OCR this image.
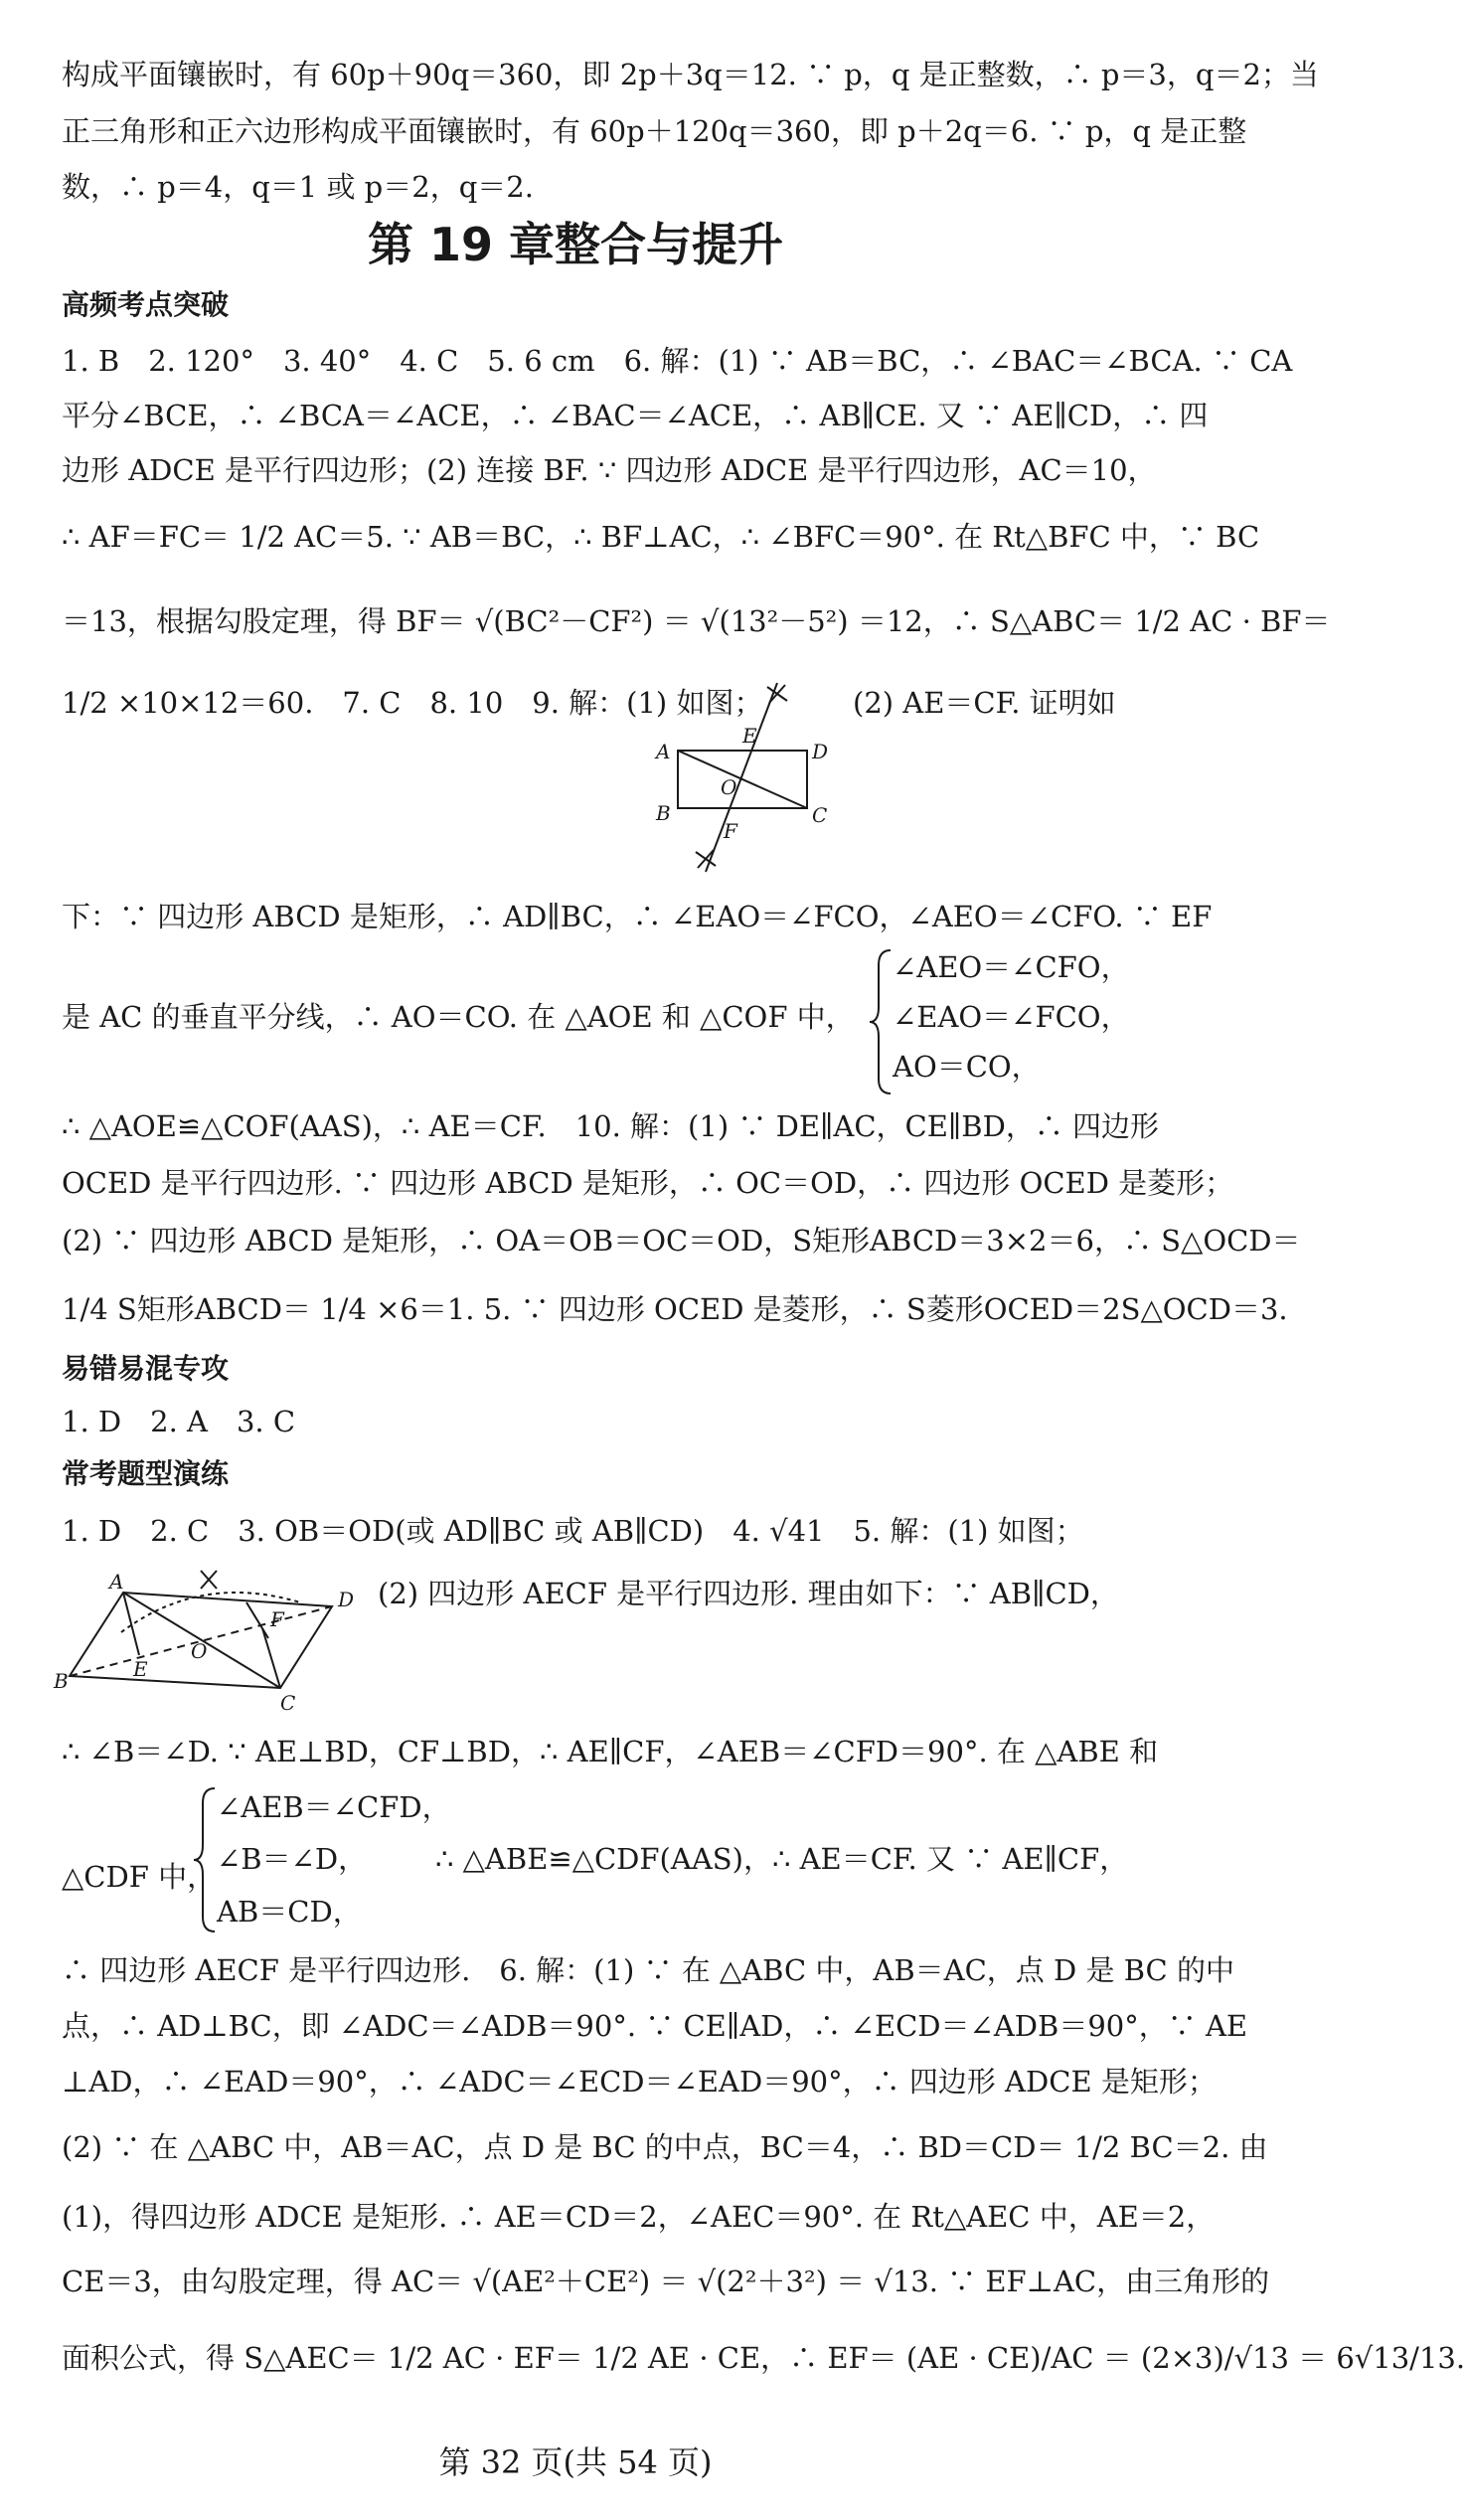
构成平面镶嵌时，有 60p＋90q＝360，即 2p＋3q＝12. ∵ p，q 是正整数，∴ p＝3，q＝2；当
正三角形和正六边形构成平面镶嵌时，有 60p＋120q＝360，即 p＋2q＝6. ∵ p，q 是正整
数，∴ p＝4，q＝1 或 p＝2，q＝2.
第 19 章整合与提升
高频考点突破
1. B　2. 120°　3. 40°　4. C　5. 6 cm　6. 解：(1) ∵ AB＝BC，∴ ∠BAC＝∠BCA. ∵ CA
平分∠BCE，∴ ∠BCA＝∠ACE，∴ ∠BAC＝∠ACE，∴ AB∥CE. 又 ∵ AE∥CD，∴ 四
边形 ADCE 是平行四边形；(2) 连接 BF. ∵ 四边形 ADCE 是平行四边形，AC＝10，
∴ AF＝FC＝ 1/2 AC＝5. ∵ AB＝BC，∴ BF⊥AC，∴ ∠BFC＝90°. 在 Rt△BFC 中，∵ BC
＝13，根据勾股定理，得 BF＝ √(BC²－CF²) ＝ √(13²－5²) ＝12，∴ S△ABC＝ 1/2 AC · BF＝
1/2 ×10×12＝60.　7. C　8. 10　9. 解：(1) 如图；	(2) AE＝CF. 证明如
A	D
B	C
E
O
F
下：∵ 四边形 ABCD 是矩形，∴ AD∥BC，∴ ∠EAO＝∠FCO，∠AEO＝∠CFO. ∵ EF
是 AC 的垂直平分线，∴ AO＝CO. 在 △AOE 和 △COF 中，
∠AEO＝∠CFO，
∠EAO＝∠FCO，
AO＝CO，
∴ △AOE≌△COF(AAS)，∴ AE＝CF.　10. 解：(1) ∵ DE∥AC，CE∥BD，∴ 四边形
OCED 是平行四边形. ∵ 四边形 ABCD 是矩形，∴ OC＝OD，∴ 四边形 OCED 是菱形；
(2) ∵ 四边形 ABCD 是矩形，∴ OA＝OB＝OC＝OD，S矩形ABCD＝3×2＝6，∴ S△OCD＝
1/4 S矩形ABCD＝ 1/4 ×6＝1. 5. ∵ 四边形 OCED 是菱形，∴ S菱形OCED＝2S△OCD＝3.
易错易混专攻
1. D　2. A　3. C
常考题型演练
1. D　2. C　3. OB＝OD(或 AD∥BC 或 AB∥CD)　4. √41　5. 解：(1) 如图；
A
D
B
C
E
F
O
(2) 四边形 AECF 是平行四边形. 理由如下：∵ AB∥CD，
∴ ∠B＝∠D. ∵ AE⊥BD，CF⊥BD，∴ AE∥CF，∠AEB＝∠CFD＝90°. 在 △ABE 和
△CDF 中，
∠AEB＝∠CFD，
∠B＝∠D，	∴ △ABE≌△CDF(AAS)，∴ AE＝CF. 又 ∵ AE∥CF，
AB＝CD，
∴ 四边形 AECF 是平行四边形.　6. 解：(1) ∵ 在 △ABC 中，AB＝AC，点 D 是 BC 的中
点，∴ AD⊥BC，即 ∠ADC＝∠ADB＝90°. ∵ CE∥AD，∴ ∠ECD＝∠ADB＝90°，∵ AE
⊥AD，∴ ∠EAD＝90°，∴ ∠ADC＝∠ECD＝∠EAD＝90°，∴ 四边形 ADCE 是矩形；
(2) ∵ 在 △ABC 中，AB＝AC，点 D 是 BC 的中点，BC＝4，∴ BD＝CD＝ 1/2 BC＝2. 由
(1)，得四边形 ADCE 是矩形. ∴ AE＝CD＝2，∠AEC＝90°. 在 Rt△AEC 中，AE＝2，
CE＝3，由勾股定理，得 AC＝ √(AE²＋CE²) ＝ √(2²＋3²) ＝ √13. ∵ EF⊥AC，由三角形的
面积公式，得 S△AEC＝ 1/2 AC · EF＝ 1/2 AE · CE，∴ EF＝ (AE · CE)/AC ＝ (2×3)/√13 ＝ 6√13/13.
第 32 页(共 54 页)
